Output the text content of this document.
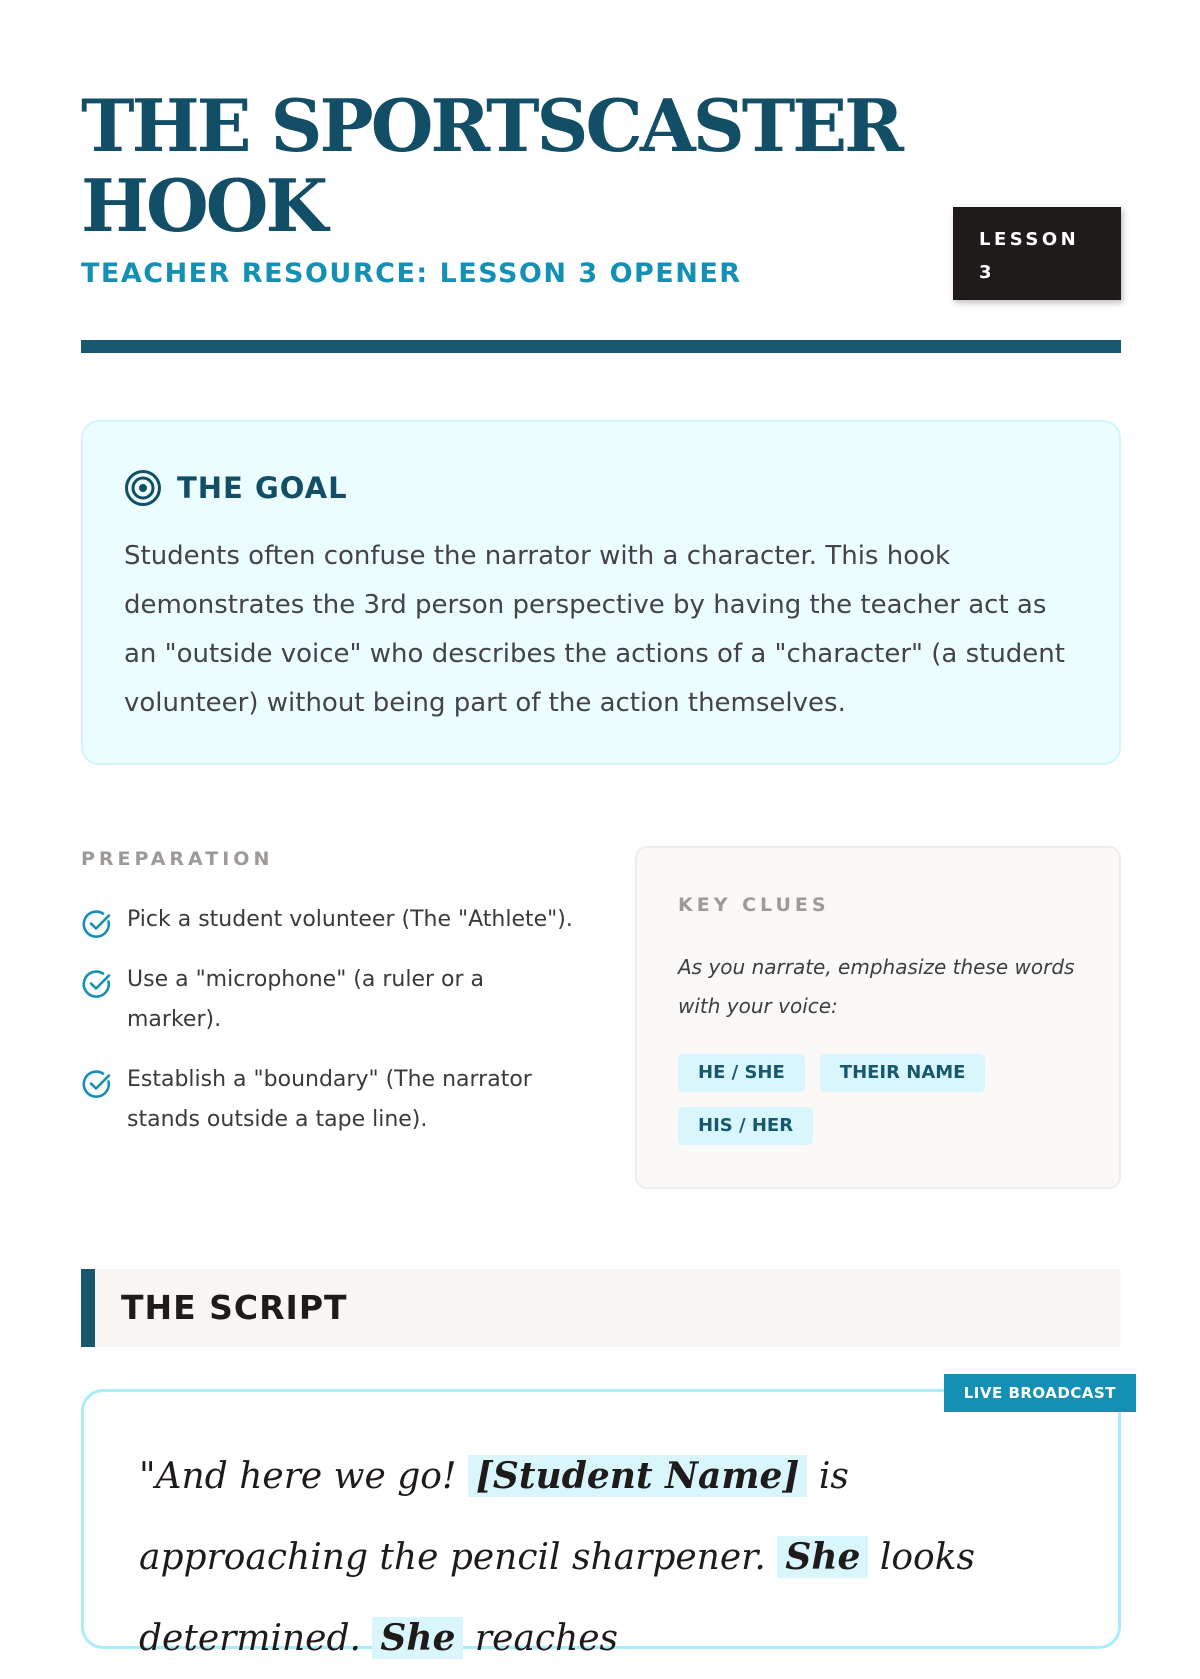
THE SPORTSCASTER HOOK
TEACHER RESOURCE: LESSON 3 OPENER
LESSON
3
THE GOAL

Students often confuse the narrator with a character. This hook demonstrates the 3rd person perspective by having the teacher act as an "outside voice" who describes the actions of a "character" (a student volunteer) without being part of the action themselves.

PREPARATION
Pick a student volunteer (The "Athlete").
Use a "microphone" (a ruler or a marker).
Establish a "boundary" (The narrator stands outside a tape line).
KEY CLUES

As you narrate, emphasize these words with your voice:

HE / SHE	THEIR NAME
HIS / HER
THE SCRIPT
LIVE BROADCAST

"And here we go! [Student Name] is approaching the pencil sharpener. She looks determined. She reaches
